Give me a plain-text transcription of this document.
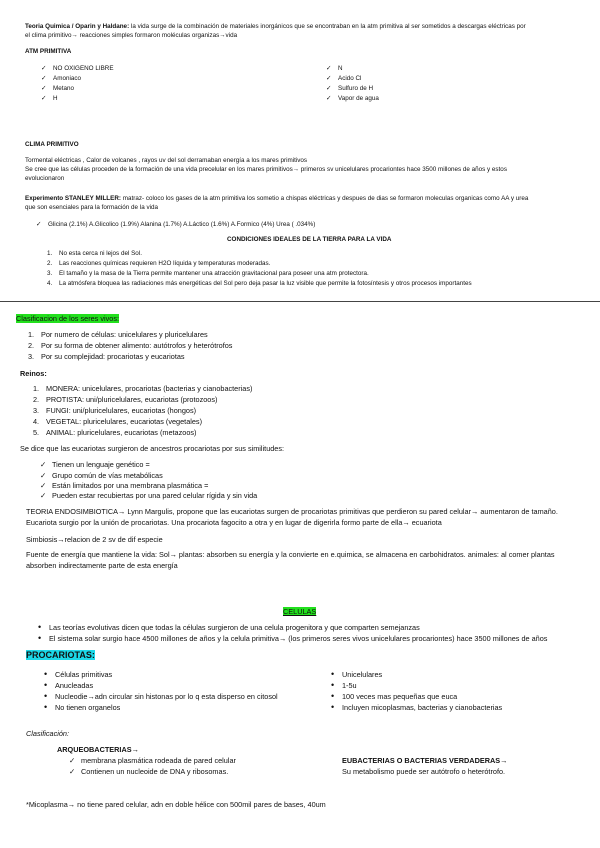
Teoria Quimica / Oparin y Haldane: la vida surge de la combinación de materiales inorgánicos que se encontraban en la atm primitiva al ser sometidos a descargas eléctricas por
el clima primitivo→ reacciones simples formaron moléculas organizas→vida
ATM PRIMITIVA
✓ NO OXIGENO LIBRE
✓ Amoniaco
✓ Metano
✓ H
✓ N
✓ Acido Cl
✓ Sulfuro de H
✓ Vapor de agua
CLIMA PRIMITIVO
Tormental eléctricas , Calor de volcanes , rayos uv del sol derramaban energía a los mares primitivos
Se cree que las células proceden de la formación de una vida precelular en los mares primitivos→ primeros sv unicelulares procariontes hace 3500 millones de años y estos
evolucionaron
Experimento STANLEY MILLER: matraz- coloco los gases de la atm primitiva los sometio a chispas eléctricas y despues de dias se formaron moleculas organicas como AA y urea
que son esenciales para la formación de la vida
✓ Glicina (2.1%) A.Glicolico (1.9%) Alanina (1.7%) A.Láctico (1.6%) A.Formico (4%) Urea ( .034%)
CONDICIONES IDEALES DE LA TIERRA PARA LA VIDA
1. No esta cerca ni lejos del Sol.
2. Las reacciones químicas requieren H2O líquida y temperaturas moderadas.
3. El tamaño y la masa de la Tierra permite mantener una atracción gravitacional para poseer una atm protectora.
4. La atmósfera bloquea las radiaciones más energéticas del Sol pero deja pasar la luz visible que permite la fotosíntesis y otros procesos importantes
Clasificacion de los seres vivos:
1. Por numero de células: unicelulares y pluricelulares
2. Por su forma de obtener alimento: autótrofos y heterótrofos
3. Por su complejidad: procariotas y eucariotas
Reinos:
1. MONERA: unicelulares, procariotas (bacterias y cianobacterias)
2. PROTISTA: uni/pluricelulares, eucariotas (protozoos)
3. FUNGI: uni/pluricelulares, eucariotas (hongos)
4. VEGETAL: pluricelulares, eucariotas (vegetales)
5. ANIMAL: pluricelulares, eucariotas (metazoos)
Se dice que las eucariotas surgieron de ancestros procariotas por sus similitudes:
✓ Tienen un lenguaje genético =
✓ Grupo común de vías metabólicas
✓ Están limitados por una membrana plasmática =
✓ Pueden estar recubiertas por una pared celular rígida y sin vida
TEORIA ENDOSIMBIOTICA→ Lynn Margulis, propone que las eucariotas surgen de procariotas primitivas que perdieron su pared celular→ aumentaron de tamaño.
Eucariota surgio por la unión de procariotas. Una procariota fagocito a otra y en lugar de digerirla formo parte de ella→ ecuariota
Simbiosis→relacion de 2 sv de dif especie
Fuente de energía que mantiene la vida: Sol→ plantas: absorben su energía y la convierte en e.quimica, se almacena en carbohidratos. animales: al comer plantas
absorben indirectamente parte de esta energía
CELULAS
• Las teorías evolutivas dicen que todas la células surgieron de una celula progenitora y que comparten semejanzas
• El sistema solar surgio hace 4500 millones de años y la celula primitiva→ (los primeros seres vivos unicelulares procariontes) hace 3500 millones de años
PROCARIOTAS:
• Células primitivas
• Anucleadas
• Nucleodie→adn circular sin histonas por lo q esta disperso en citosol
• No tienen organelos
• Unicelulares
• 1-5u
• 100 veces mas pequeñas que euca
• Incluyen micoplasmas, bacterias y cianobacterias
Clasificación:
ARQUEOBACTERIAS→
✓ membrana plasmática rodeada de pared celular
✓ Contienen un nucleoide de DNA y ribosomas.
EUBACTERIAS O BACTERIAS VERDADERAS→
Su metabolismo puede ser autótrofo o heterótrofo.
*Micoplasma→ no tiene pared celular, adn en doble hélice con 500mil pares de bases, 40um
